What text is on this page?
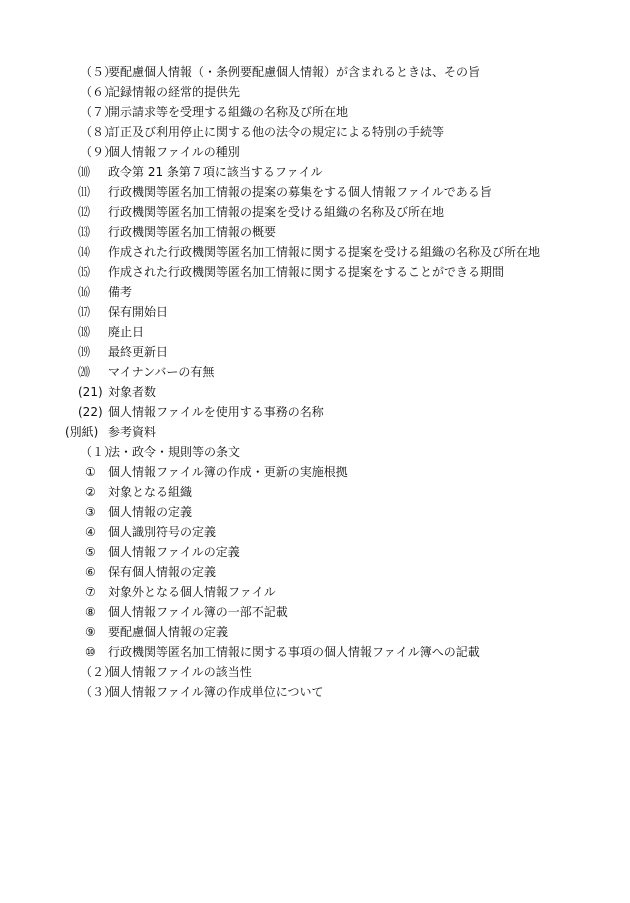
（５）
要配慮個人情報（・条例要配慮個人情報）が含まれるときは、その旨
（６）
記録情報の経常的提供先
（７）
開示請求等を受理する組織の名称及び所在地
（８）
訂正及び利用停止に関する他の法令の規定による特別の手続等
（９）
個人情報ファイルの種別
⑽ 政令第 21 条第７項に該当するファイル
⑾ 行政機関等匿名加工情報の提案の募集をする個人情報ファイルである旨
⑿ 行政機関等匿名加工情報の提案を受ける組織の名称及び所在地
⒀ 行政機関等匿名加工情報の概要
⒁ 作成された行政機関等匿名加工情報に関する提案を受ける組織の名称及び所在地
⒂ 作成された行政機関等匿名加工情報に関する提案をすることができる期間
⒃ 備考
⒄ 保有開始日
⒅ 廃止日
⒆ 最終更新日
⒇ マイナンバーの有無
(21) 対象者数
(22) 個人情報ファイルを使用する事務の名称
(別紙) 参考資料
（１）
法・政令・規則等の条文
① 個人情報ファイル簿の作成・更新の実施根拠
② 対象となる組織
③ 個人情報の定義
④ 個人識別符号の定義
⑤ 個人情報ファイルの定義
⑥ 保有個人情報の定義
⑦ 対象外となる個人情報ファイル
⑧ 個人情報ファイル簿の一部不記載
⑨ 要配慮個人情報の定義
⑩ 行政機関等匿名加工情報に関する事項の個人情報ファイル簿への記載
（２）
個人情報ファイルの該当性
（３）
個人情報ファイル簿の作成単位について
